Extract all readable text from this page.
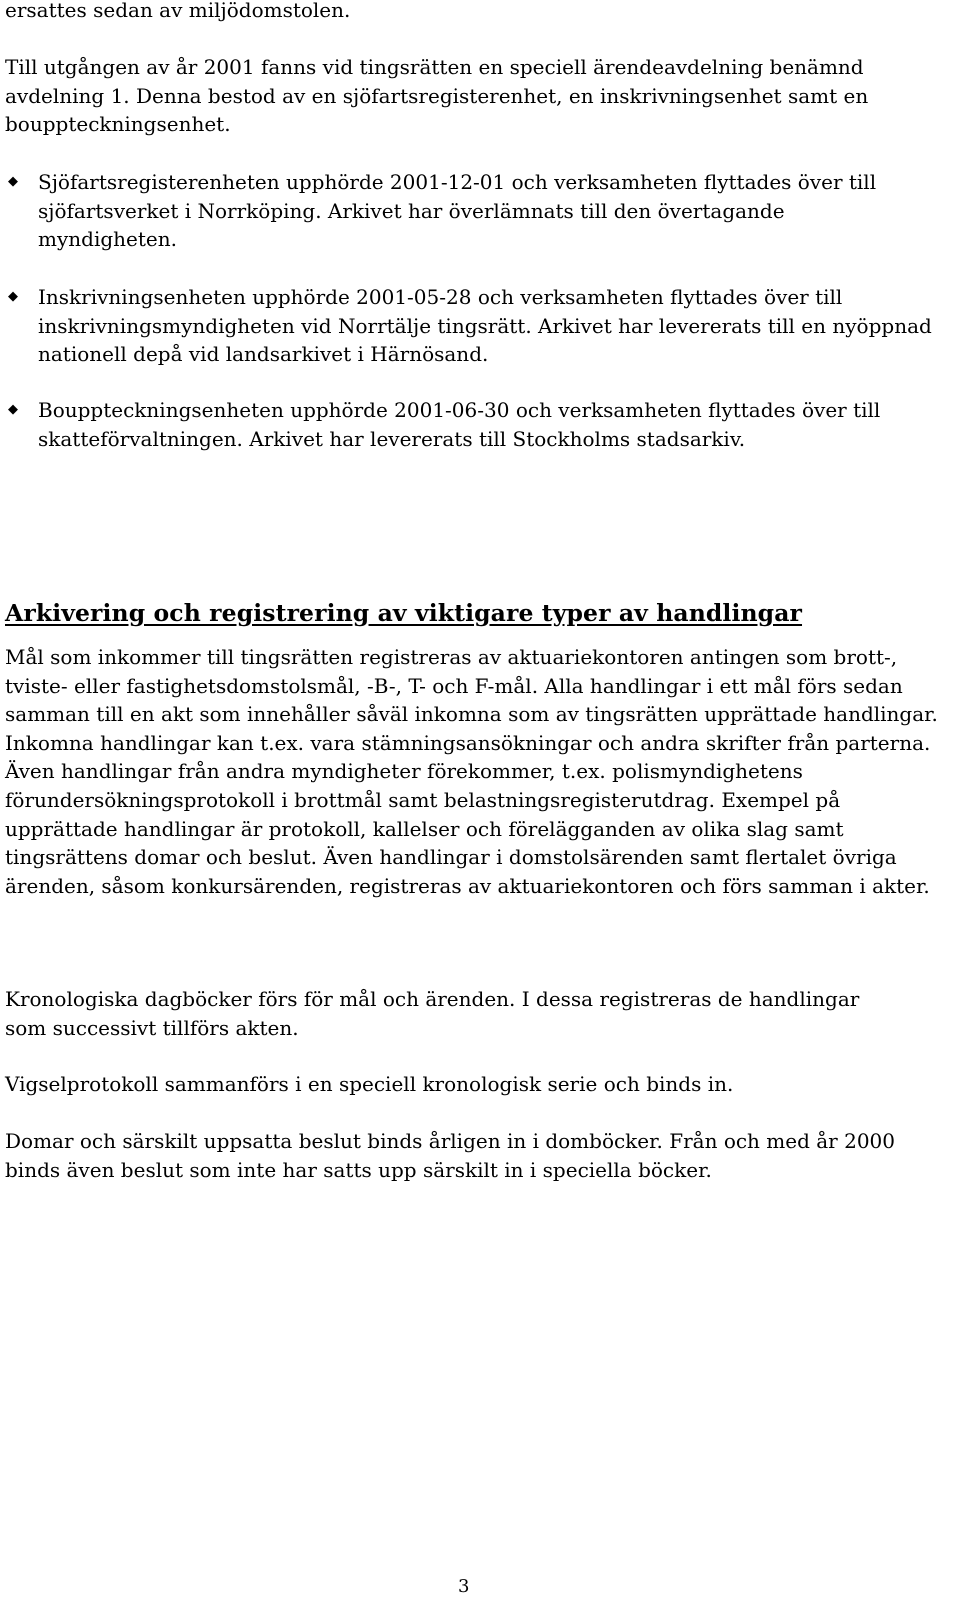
ersattes sedan av miljödomstolen.

Till utgången av år 2001 fanns vid tingsrätten en speciell ärendeavdelning benämnd avdelning 1. Denna bestod av en sjöfartsregisterenhet, en inskrivningsenhet samt en bouppteckningsenhet.

◆	Sjöfartsregisterenheten upphörde 2001-12-01 och verksamheten flyttades över till sjöfartsverket i Norrköping. Arkivet har överlämnats till den övertagande myndigheten.
◆	Inskrivningsenheten upphörde 2001-05-28 och verksamheten flyttades över till inskrivningsmyndigheten vid Norrtälje tingsrätt. Arkivet har levererats till en nyöppnad nationell depå vid landsarkivet i Härnösand.
◆	Bouppteckningsenheten upphörde 2001-06-30 och verksamheten flyttades över till skatteförvaltningen. Arkivet har levererats till Stockholms stadsarkiv.
Arkivering och registrering av viktigare typer av handlingar

Mål som inkommer till tingsrätten registreras av aktuariekontoren antingen som brott-, tviste- eller fastighetsdomstolsmål, -B-, T- och F-mål. Alla handlingar i ett mål förs sedan samman till en akt som innehåller såväl inkomna som av tingsrätten upprättade handlingar. Inkomna handlingar kan t.ex. vara stämningsansökningar och andra skrifter från parterna. Även handlingar från andra myndigheter förekommer, t.ex. polismyndighetens förundersökningsprotokoll i brottmål samt belastningsregisterutdrag. Exempel på upprättade handlingar är protokoll, kallelser och förelägganden av olika slag samt tingsrättens domar och beslut. Även handlingar i domstolsärenden samt flertalet övriga ärenden, såsom konkursärenden, registreras av aktuariekontoren och förs samman i akter.

Kronologiska dagböcker förs för mål och ärenden. I dessa registreras de handlingar som successivt tillförs akten.

Vigselprotokoll sammanförs i en speciell kronologisk serie och binds in.

Domar och särskilt uppsatta beslut binds årligen in i domböcker. Från och med år 2000 binds även beslut som inte har satts upp särskilt in i speciella böcker.

3
